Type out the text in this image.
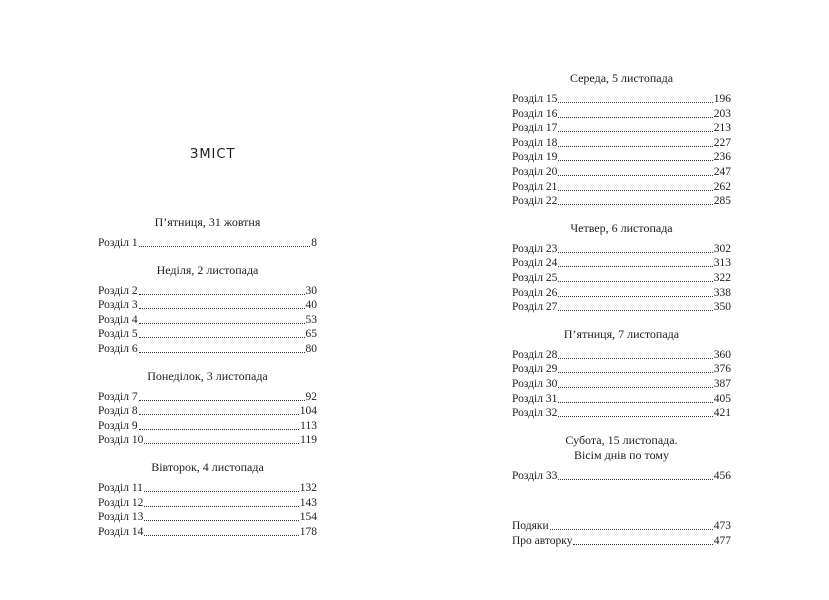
ЗМІСТ
П’ятниця, 31 жовтня
Розділ 1	8
Неділя, 2 листопада
Розділ 2	30
Розділ 3	40
Розділ 4	53
Розділ 5	65
Розділ 6	80
Понеділок, 3 листопада
Розділ 7	92
Розділ 8	104
Розділ 9	113
Розділ 10	119
Вівторок, 4 листопада
Розділ 11	132
Розділ 12	143
Розділ 13	154
Розділ 14	178
Середа, 5 листопада
Розділ 15	196
Розділ 16	203
Розділ 17	213
Розділ 18	227
Розділ 19	236
Розділ 20	247
Розділ 21	262
Розділ 22	285
Четвер, 6 листопада
Розділ 23	302
Розділ 24	313
Розділ 25	322
Розділ 26	338
Розділ 27	350
П’ятниця, 7 листопада
Розділ 28	360
Розділ 29	376
Розділ 30	387
Розділ 31	405
Розділ 32	421
Субота, 15 листопада.
Вісім днів по тому
Розділ 33	456
Подяки	473
Про авторку	477
